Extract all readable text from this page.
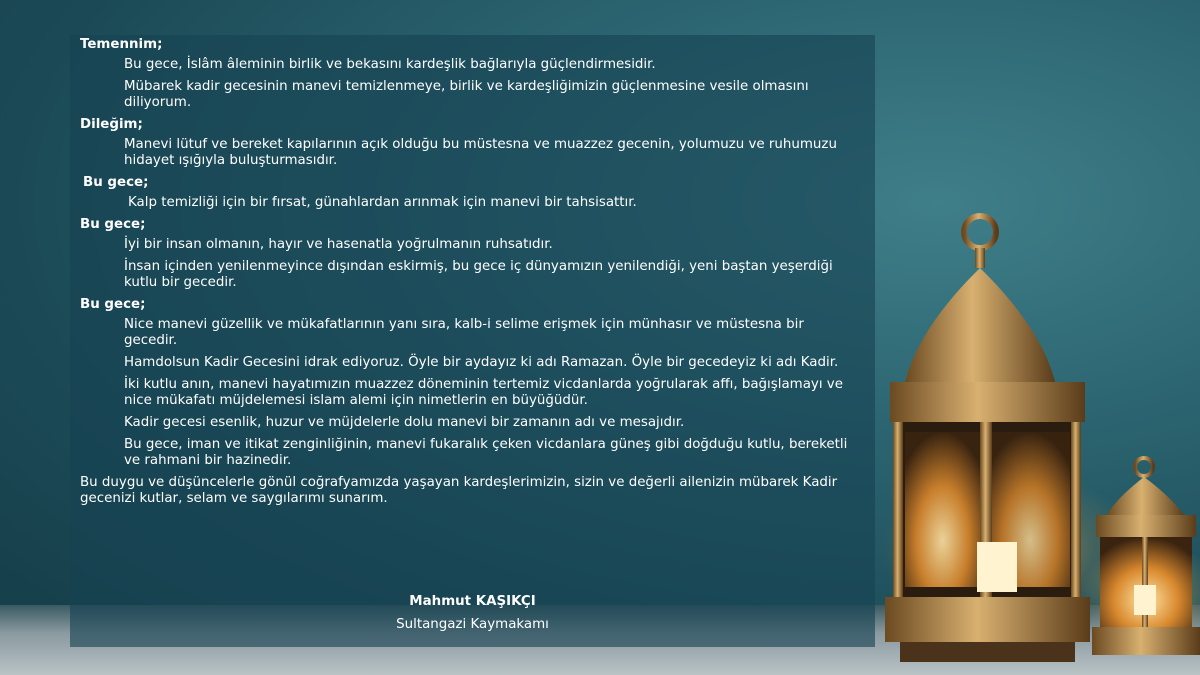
Temennim;
Bu gece, İslâm âleminin birlik ve bekasını kardeşlik bağlarıyla güçlendirmesidir.
Mübarek kadir gecesinin manevi temizlenmeye, birlik ve kardeşliğimizin güçlenmesine vesile olmasını diliyorum.
Dileğim;
Manevi lütuf ve bereket kapılarının açık olduğu bu müstesna ve muazzez gecenin, yolumuzu ve ruhumuzu hidayet ışığıyla buluşturmasıdır.
Bu gece;
Kalp temizliği için bir fırsat, günahlardan arınmak için manevi bir tahsisattır.
Bu gece;
İyi bir insan olmanın, hayır ve hasenatla yoğrulmanın ruhsatıdır.
İnsan içinden yenilenmeyince dışından eskirmiş, bu gece iç dünyamızın yenilendiği, yeni baştan yeşerdiği kutlu bir gecedir.
Bu gece;
Nice manevi güzellik ve mükafatlarının yanı sıra, kalb-i selime erişmek için münhasır ve müstesna bir gecedir.
Hamdolsun Kadir Gecesini idrak ediyoruz. Öyle bir aydayız ki adı Ramazan. Öyle bir gecedeyiz ki adı Kadir.
İki kutlu anın, manevi hayatımızın muazzez döneminin tertemiz vicdanlarda yoğrularak affı, bağışlamayı ve nice mükafatı müjdelemesi islam alemi için nimetlerin en büyüğüdür.
Kadir gecesi esenlik, huzur ve müjdelerle dolu manevi bir zamanın adı ve mesajıdır.
Bu gece, iman ve itikat zenginliğinin, manevi fukaralık çeken vicdanlara güneş gibi doğduğu kutlu, bereketli ve rahmani bir hazinedir.
Bu duygu ve düşüncelerle gönül coğrafyamızda yaşayan kardeşlerimizin, sizin ve değerli ailenizin mübarek Kadir gecenizi kutlar, selam ve saygılarımı sunarım.
Mahmut KAŞIKÇI
Sultangazi Kaymakamı
